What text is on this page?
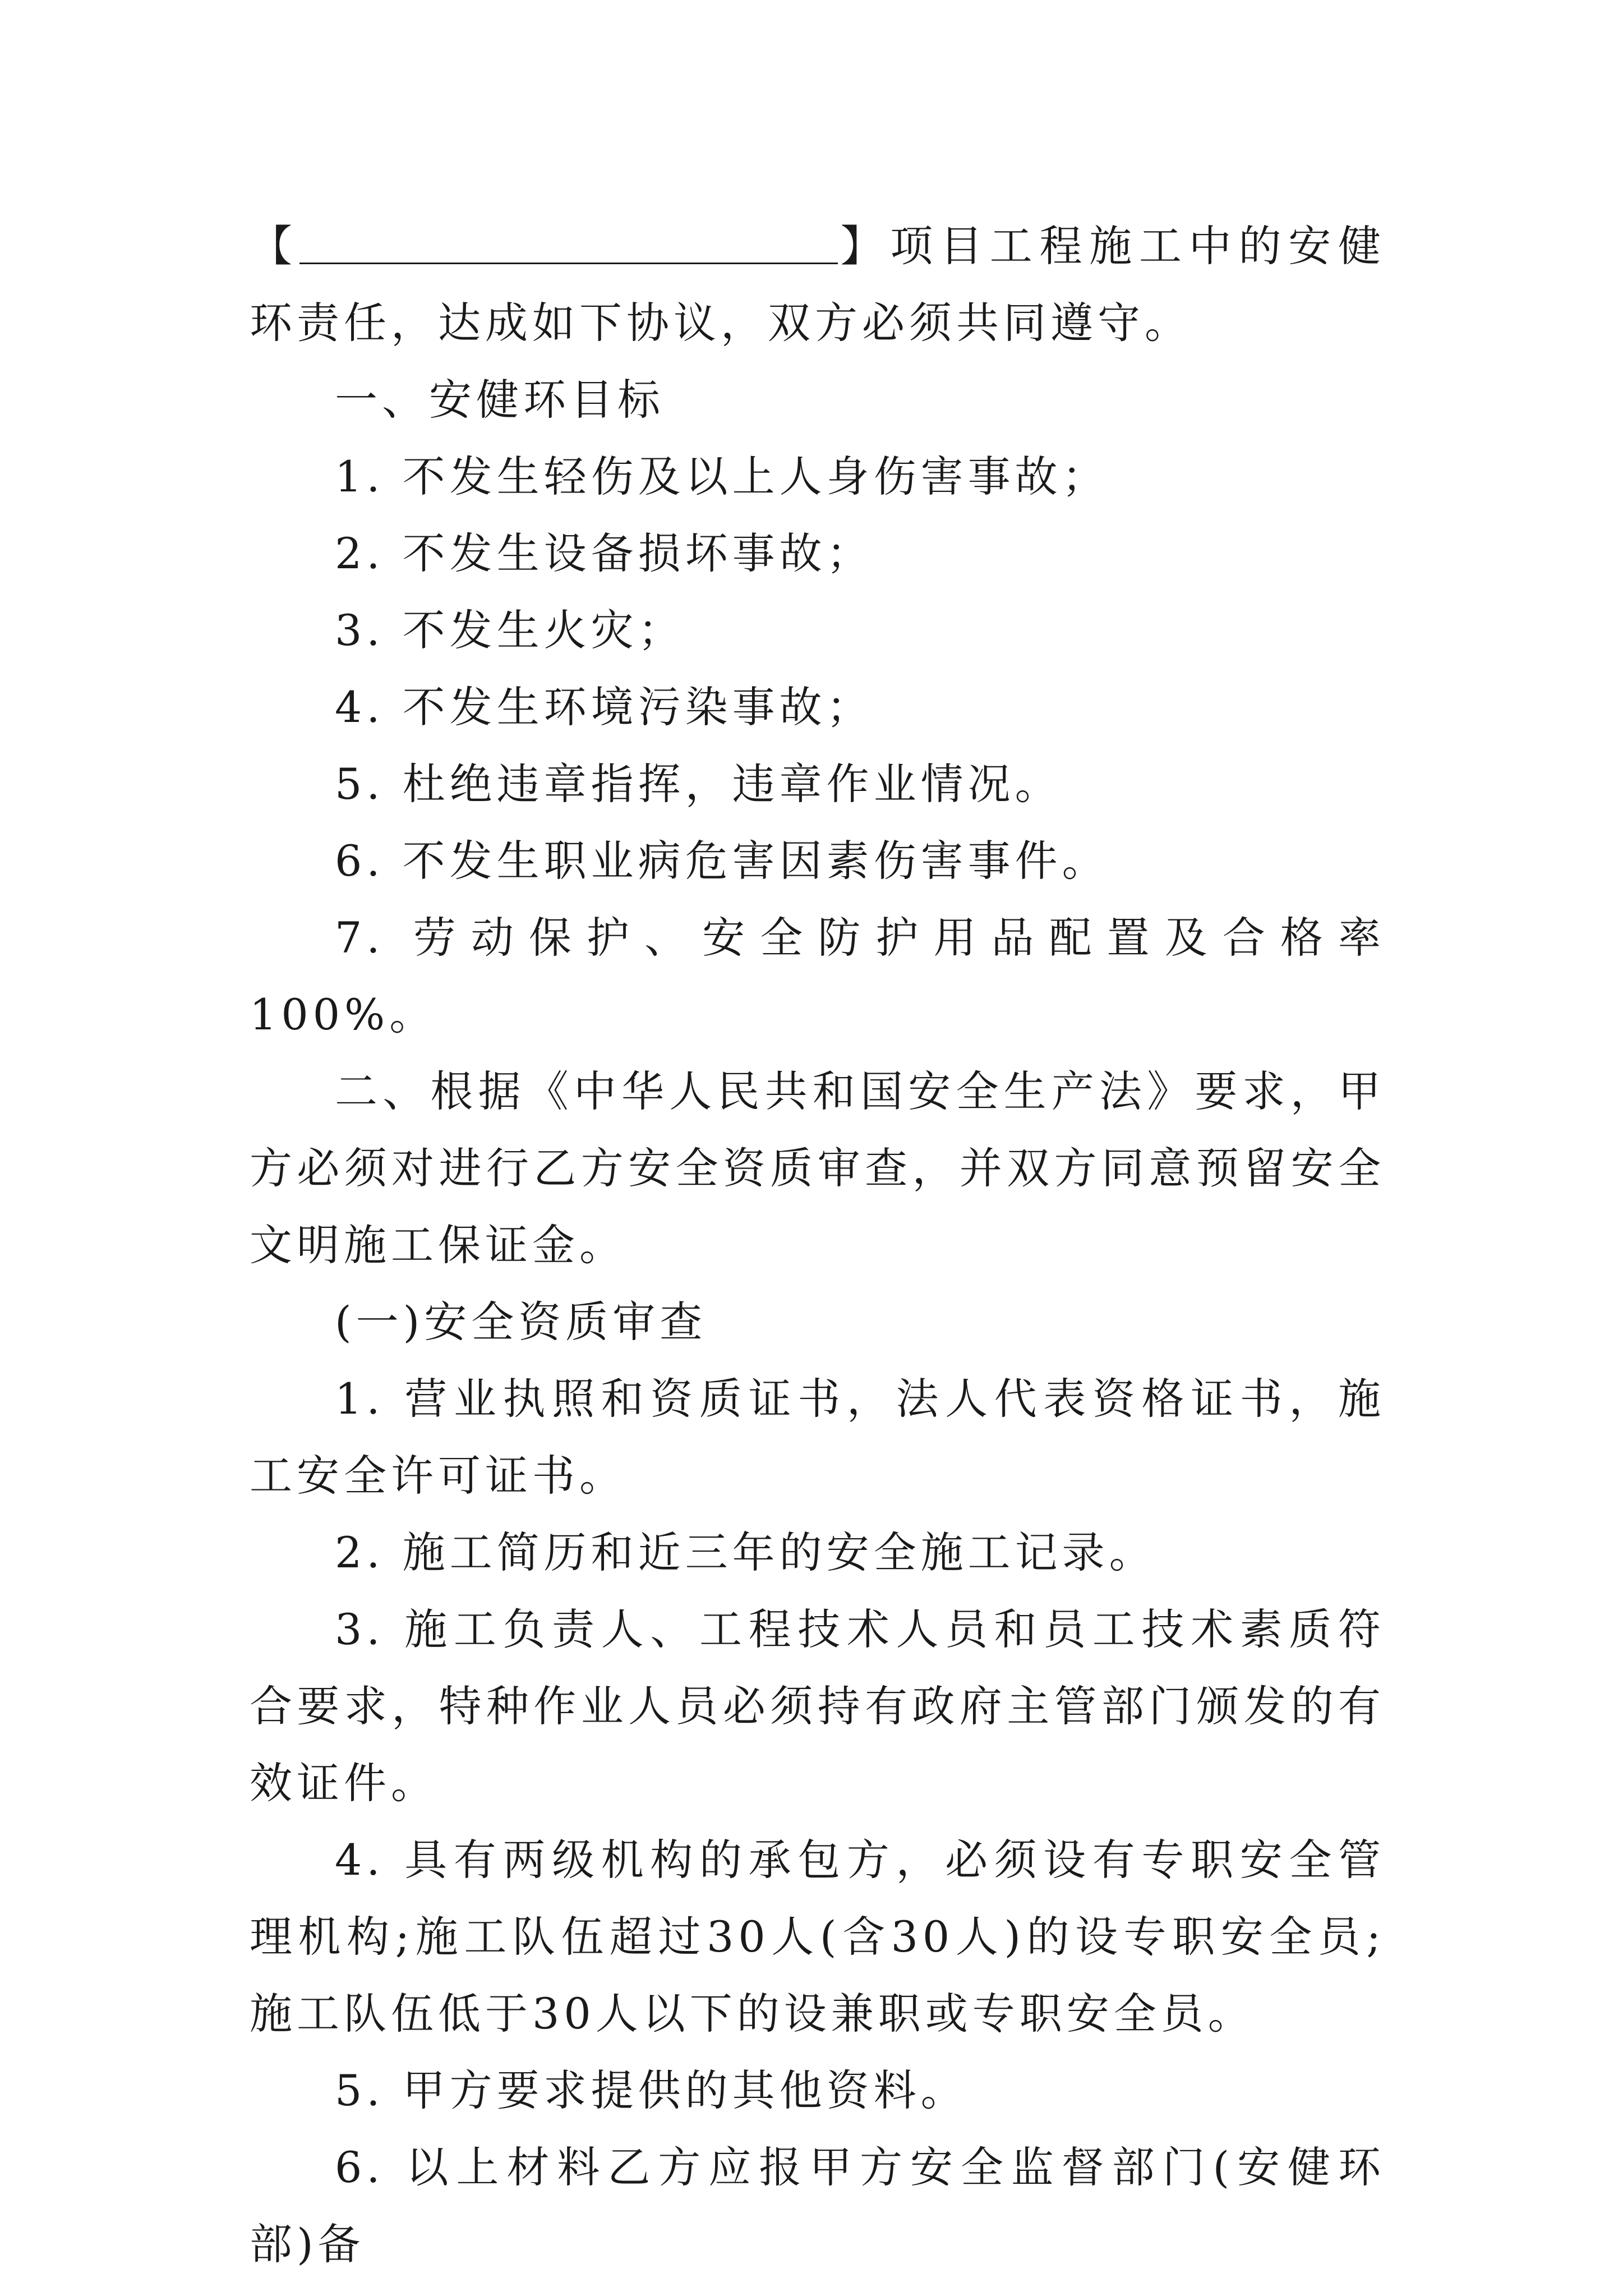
【	】项目工程施工中的安健环责任，达成如下协议，双方必须共同遵守。

一、安健环目标

1. 不发生轻伤及以上人身伤害事故；

2. 不发生设备损坏事故；

3. 不发生火灾；

4. 不发生环境污染事故；

5. 杜绝违章指挥，违章作业情况。

6. 不发生职业病危害因素伤害事件。

7. 劳动保护、安全防护用品配置及合格率100%。

二、根据《中华人民共和国安全生产法》要求，甲方必须对进行乙方安全资质审查，并双方同意预留安全文明施工保证金。

(一)安全资质审查

1. 营业执照和资质证书，法人代表资格证书，施工安全许可证书。

2. 施工简历和近三年的安全施工记录。

3. 施工负责人、工程技术人员和员工技术素质符合要求，特种作业人员必须持有政府主管部门颁发的有效证件。

4. 具有两级机构的承包方，必须设有专职安全管理机构;施工队伍超过30人(含30人)的设专职安全员;施工队伍低于30人以下的设兼职或专职安全员。

5. 甲方要求提供的其他资料。

6. 以上材料乙方应报甲方安全监督部门(安健环部)备
